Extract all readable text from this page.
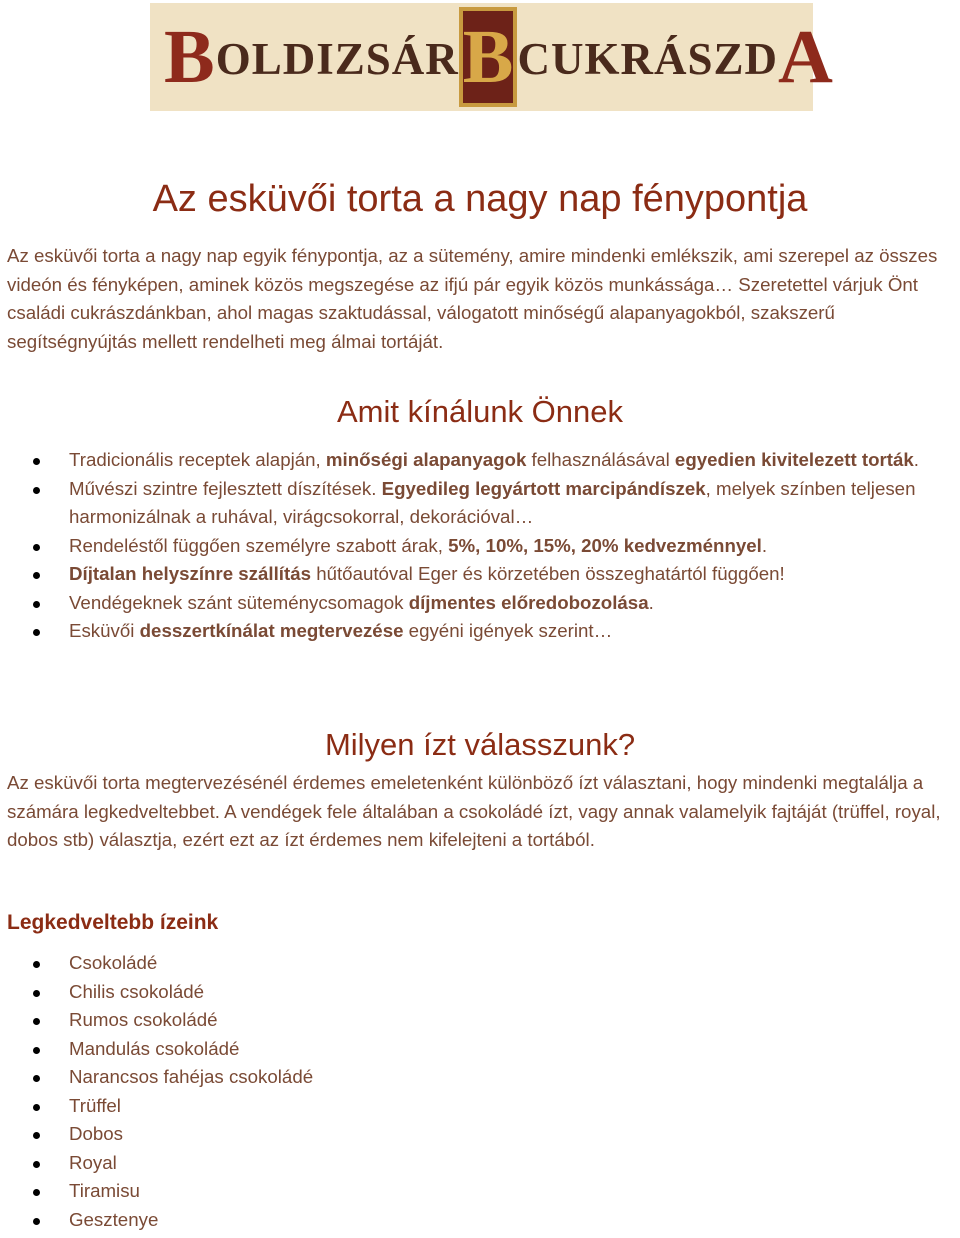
BOLDIZSÁR B CUKRÁSZDA
Az esküvői torta a nagy nap fénypontja

Az esküvői torta a nagy nap egyik fénypontja, az a sütemény, amire mindenki emlékszik, ami szerepel az összes videón és fényképen, aminek közös megszegése az ifjú pár egyik közös munkássága… Szeretettel várjuk Önt családi cukrászdánkban, ahol magas szaktudással, válogatott minőségű alapanyagokból, szakszerű segítségnyújtás mellett rendelheti meg álmai tortáját.

Amit kínálunk Önnek
Tradicionális receptek alapján, minőségi alapanyagok felhasználásával egyedien kivitelezett torták.
Művészi szintre fejlesztett díszítések. Egyedileg legyártott marcipándíszek, melyek színben teljesen harmonizálnak a ruhával, virágcsokorral, dekorációval…
Rendeléstől függően személyre szabott árak, 5%, 10%, 15%, 20% kedvezménnyel.
Díjtalan helyszínre szállítás hűtőautóval Eger és körzetében összeghatártól függően!
Vendégeknek szánt süteménycsomagok díjmentes előredobozolása.
Esküvői desszertkínálat megtervezése egyéni igények szerint…
Milyen ízt válasszunk?

Az esküvői torta megtervezésénél érdemes emeletenként különböző ízt választani, hogy mindenki megtalálja a számára legkedveltebbet. A vendégek fele általában a csokoládé ízt, vagy annak valamelyik fajtáját (trüffel, royal, dobos stb) választja, ezért ezt az ízt érdemes nem kifelejteni a tortából.

Legkedveltebb ízeink
Csokoládé
Chilis csokoládé
Rumos csokoládé
Mandulás csokoládé
Narancsos fahéjas csokoládé
Trüffel
Dobos
Royal
Tiramisu
Gesztenye
